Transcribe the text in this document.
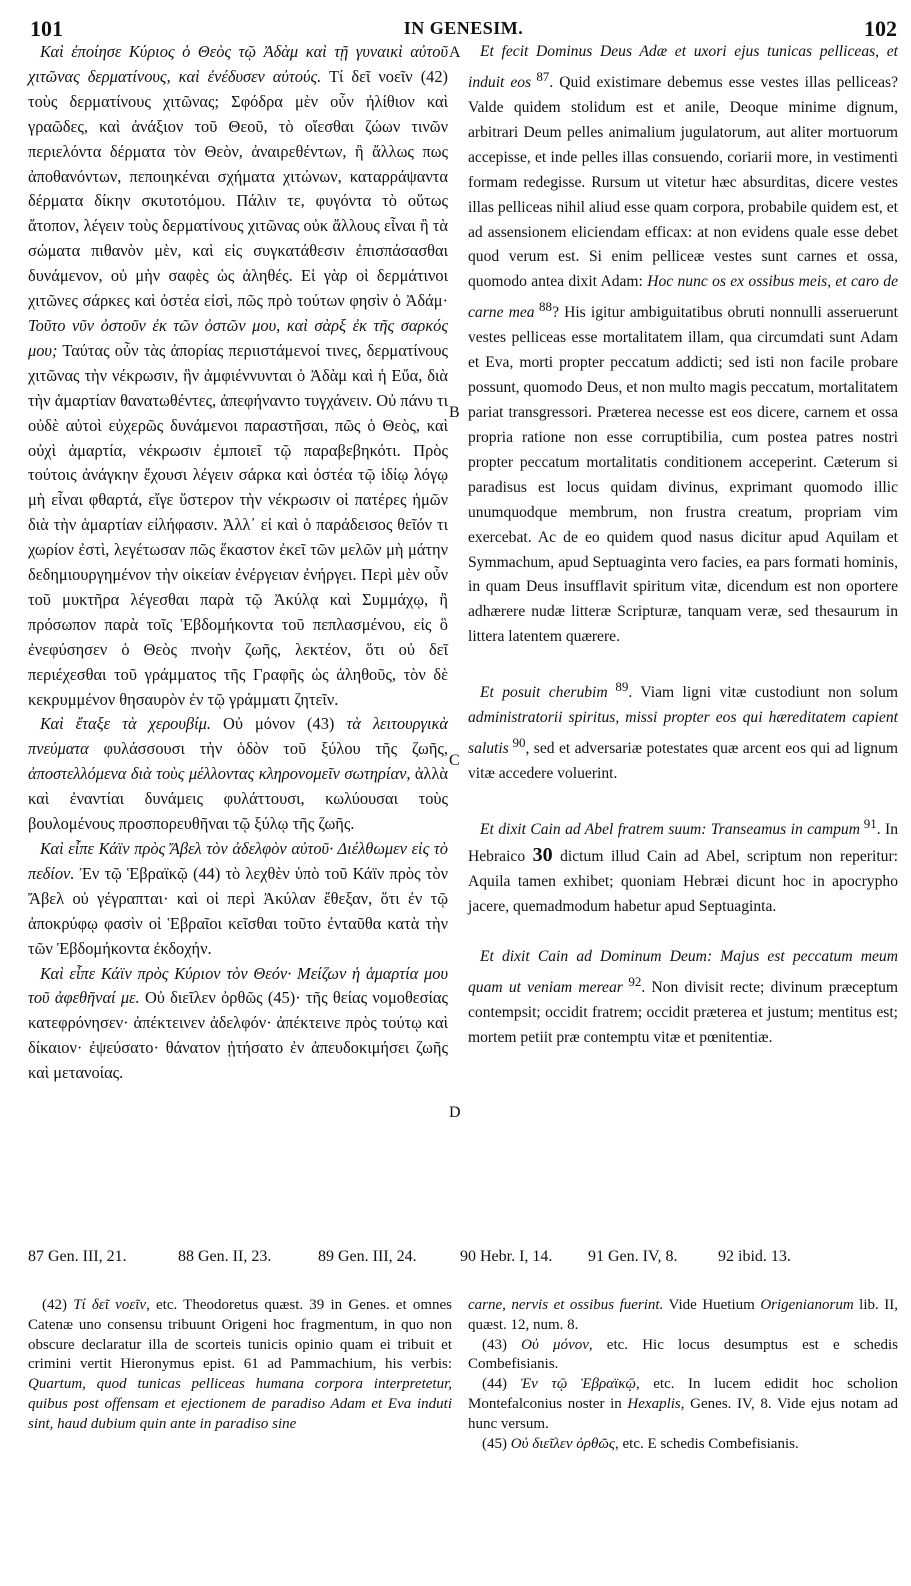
101	IN GENESIM.	102

Καὶ ἐποίησε Κύριος ὁ Θεὸς τῷ Ἀδὰμ καὶ τῇ γυναικὶ αὐτοῦ χιτῶνας δερματίνους, καὶ ἐνέδυσεν αὐτούς. Τί δεῖ νοεῖν (42) τοὺς δερματίνους χιτῶνας; Σφόδρα μὲν οὖν ἠλίθιον καὶ γραῶδες, καὶ ἀνάξιον τοῦ Θεοῦ, τὸ οἴεσθαι ζώων τινῶν περιελόντα δέρματα τὸν Θεὸν, ἀναιρεθέντων, ἢ ἄλλως πως ἀποθανόντων, πεποιηκέναι σχήματα χιτώνων, καταρράψαντα δέρματα δίκην σκυτοτόμου. Πάλιν τε, φυγόντα τὸ οὕτως ἄτοπον, λέγειν τοὺς δερματίνους χιτῶνας οὐκ ἄλλους εἶναι ἢ τὰ σώματα πιθανὸν μὲν, καὶ εἰς συγκατάθεσιν ἐπισπάσασθαι δυνάμενον, οὐ μὴν σαφὲς ὡς ἀληθές. Εἰ γὰρ οἱ δερμάτινοι χιτῶνες σάρκες καὶ ὀστέα εἰσὶ, πῶς πρὸ τούτων φησὶν ὁ Ἀδάμ· Τοῦτο νῦν ὀστοῦν ἐκ τῶν ὀστῶν μου, καὶ σὰρξ ἐκ τῆς σαρκός μου; Ταύτας οὖν τὰς ἀπορίας περιιστάμενοί τινες, δερματίνους χιτῶνας τὴν νέκρωσιν, ἣν ἀμφιέννυνται ὁ Ἀδὰμ καὶ ἡ Εὔα, διὰ τὴν ἁμαρτίαν θανατωθέντες, ἀπεφήναντο τυγχάνειν. Οὐ πάνυ τι οὐδὲ αὐτοὶ εὐχερῶς δυνάμενοι παραστῆσαι, πῶς ὁ Θεὸς, καὶ οὐχὶ ἁμαρτία, νέκρωσιν ἐμποιεῖ τῷ παραβεβηκότι. Πρὸς τούτοις ἀνάγκην ἔχουσι λέγειν σάρκα καὶ ὀστέα τῷ ἰδίῳ λόγῳ μὴ εἶναι φθαρτά, εἴγε ὕστερον τὴν νέκρωσιν οἱ πατέρες ἡμῶν διὰ τὴν ἁμαρτίαν εἰλήφασιν. Ἀλλ᾽ εἰ καὶ ὁ παράδεισος θεῖόν τι χωρίον ἐστὶ, λεγέτωσαν πῶς ἕκαστον ἐκεῖ τῶν μελῶν μὴ μάτην δεδημιουργημένον τὴν οἰκείαν ἐνέργειαν ἐνήργει. Περὶ μὲν οὖν τοῦ μυκτῆρα λέγεσθαι παρὰ τῷ Ἀκύλᾳ καὶ Συμμάχῳ, ἢ πρόσωπον παρὰ τοῖς Ἑβδομήκοντα τοῦ πεπλασμένου, εἰς ὃ ἐνεφύσησεν ὁ Θεὸς πνοὴν ζωῆς, λεκτέον, ὅτι οὐ δεῖ περιέχεσθαι τοῦ γράμματος τῆς Γραφῆς ὡς ἀληθοῦς, τὸν δὲ κεκρυμμένον θησαυρὸν ἐν τῷ γράμματι ζητεῖν.

Καὶ ἔταξε τὰ χερουβίμ. Οὐ μόνον (43) τὰ λειτουργικὰ πνεύματα φυλάσσουσι τὴν ὁδὸν τοῦ ξύλου τῆς ζωῆς, ἀποστελλόμενα διὰ τοὺς μέλλοντας κληρονομεῖν σωτηρίαν, ἀλλὰ καὶ ἐναντίαι δυνάμεις φυλάττουσι, κωλύουσαι τοὺς βουλομένους προσπορευθῆναι τῷ ξύλῳ τῆς ζωῆς.

Καὶ εἶπε Κάϊν πρὸς Ἄβελ τὸν ἀδελφὸν αὐτοῦ· Διέλθωμεν εἰς τὸ πεδίον. Ἐν τῷ Ἑβραϊκῷ (44) τὸ λεχθὲν ὑπὸ τοῦ Κάϊν πρὸς τὸν Ἄβελ οὐ γέγραπται· καὶ οἱ περὶ Ἀκύλαν ἔθεξαν, ὅτι ἐν τῷ ἀποκρύφῳ φασὶν οἱ Ἑβραῖοι κεῖσθαι τοῦτο ἐνταῦθα κατὰ τὴν τῶν Ἑβδομήκοντα ἐκδοχήν.

Καὶ εἶπε Κάϊν πρὸς Κύριον τὸν Θεόν· Μείζων ἡ ἁμαρτία μου τοῦ ἀφεθῆναί με. Οὐ διεῖλεν ὀρθῶς (45)· τῆς θείας νομοθεσίας κατεφρόνησεν· ἀπέκτεινεν ἀδελφόν· ἀπέκτεινε πρὸς τούτῳ καὶ δίκαιον· ἐψεύσατο· θάνατον ᾐτήσατο ἐν ἀπευδοκιμήσει ζωῆς καὶ μετανοίας.

A
B
C
D

Et fecit Dominus Deus Adæ et uxori ejus tunicas pelliceas, et induit eos $^{87}$. Quid existimare debemus esse vestes illas pelliceas? Valde quidem stolidum est et anile, Deoque minime dignum, arbitrari Deum pelles animalium jugulatorum, aut aliter mortuorum accepisse, et inde pelles illas consuendo, coriarii more, in vestimenti formam redegisse. Rursum ut vitetur hæc absurditas, dicere vestes illas pelliceas nihil aliud esse quam corpora, probabile quidem est, et ad assensionem eliciendam efficax: at non evidens quale esse debet quod verum est. Si enim pelliceæ vestes sunt carnes et ossa, quomodo antea dixit Adam: Hoc nunc os ex ossibus meis, et caro de carne mea $^{88}$? His igitur ambiguitatibus obruti nonnulli asseruerunt vestes pelliceas esse mortalitatem illam, qua circumdati sunt Adam et Eva, morti propter peccatum addicti; sed isti non facile probare possunt, quomodo Deus, et non multo magis peccatum, mortalitatem pariat transgressori. Præterea necesse est eos dicere, carnem et ossa propria ratione non esse corruptibilia, cum postea patres nostri propter peccatum mortalitatis conditionem acceperint. Cæterum si paradisus est locus quidam divinus, exprimant quomodo illic unumquodque membrum, non frustra creatum, propriam vim exercebat. Ac de eo quidem quod nasus dicitur apud Aquilam et Symmachum, apud Septuaginta vero facies, ea pars formati hominis, in quam Deus insufflavit spiritum vitæ, dicendum est non oportere adhærere nudæ litteræ Scripturæ, tanquam veræ, sed thesaurum in littera latentem quærere.

Et posuit cherubim $^{89}$. Viam ligni vitæ custodiunt non solum administratorii spiritus, missi propter eos qui hæreditatem capient salutis $^{90}$, sed et adversariæ potestates quæ arcent eos qui ad lignum vitæ accedere voluerint.

Et dixit Cain ad Abel fratrem suum: Transeamus in campum $^{91}$. In Hebraico 30 dictum illud Cain ad Abel, scriptum non reperitur: Aquila tamen exhibet; quoniam Hebræi dicunt hoc in apocrypho jacere, quemadmodum habetur apud Septuaginta.

Et dixit Cain ad Dominum Deum: Majus est peccatum meum quam ut veniam merear $^{92}$. Non divisit recte; divinum præceptum contempsit; occidit fratrem; occidit præterea et justum; mentitus est; mortem petiit præ contemptu vitæ et pœnitentiæ.

87 Gen. III, 21.	88 Gen. II, 23.	89 Gen. III, 24.	90 Hebr. I, 14. 91 Gen. IV, 8.	92 ibid. 13.

(42) Τί δεῖ νοεῖν, etc. Theodoretus quæst. 39 in Genes. et omnes Catenæ uno consensu tribuunt Origeni hoc fragmentum, in quo non obscure declaratur illa de scorteis tunicis opinio quam ei tribuit et crimini vertit Hieronymus epist. 61 ad Pammachium, his verbis: Quartum, quod tunicas pelliceas humana corpora interpretetur, quibus post offensam et ejectionem de paradiso Adam et Eva induti sint, haud dubium quin ante in paradiso sine

carne, nervis et ossibus fuerint. Vide Huetium Origenianorum lib. II, quæst. 12, num. 8.

(43) Οὐ μόνον, etc. Hic locus desumptus est e schedis Combefisianis.

(44) Ἐν τῷ Ἑβραϊκῷ, etc. In lucem edidit hoc scholion Montefalconius noster in Hexaplis, Genes. IV, 8. Vide ejus notam ad hunc versum.

(45) Οὐ διεῖλεν ὀρθῶς, etc. E schedis Combefisianis.
